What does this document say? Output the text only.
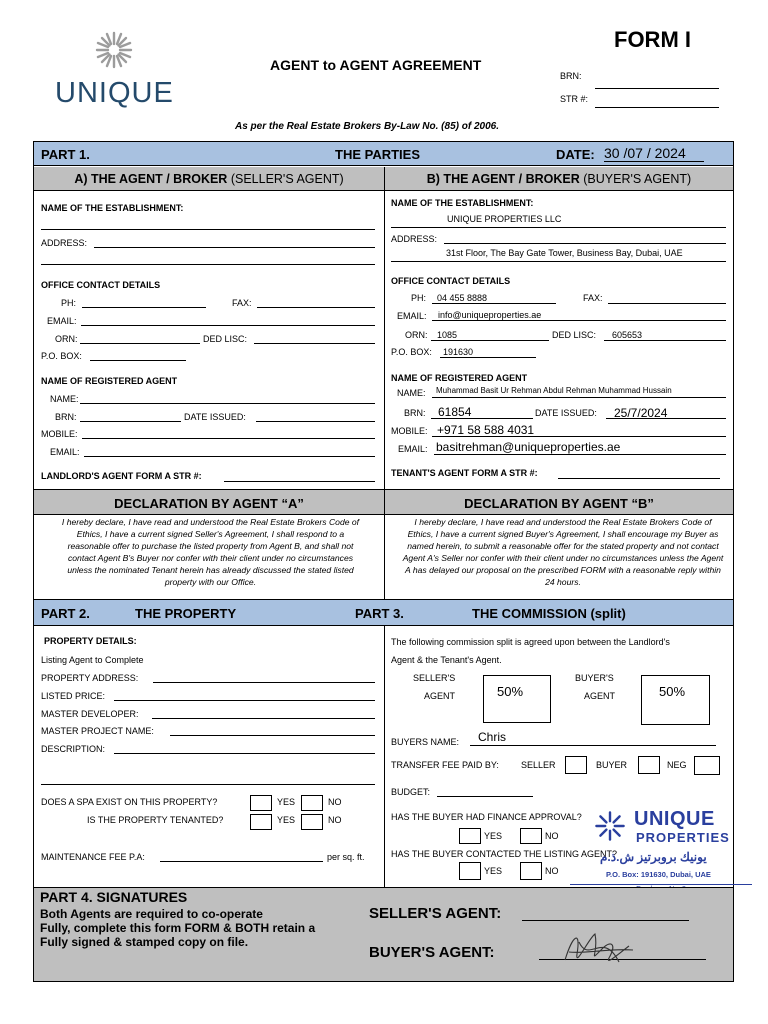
UNIQUE
AGENT to AGENT AGREEMENT
FORM I
BRN:
STR #:
As per the Real Estate Brokers By-Law No. (85) of 2006.
PART 1.	THE PARTIES	DATE: 30 /07 / 2024
A) THE AGENT / BROKER (SELLER'S AGENT)	B) THE AGENT / BROKER (BUYER'S AGENT)
NAME OF THE ESTABLISHMENT:
ADDRESS:
OFFICE CONTACT DETAILS
PH:	FAX:
EMAIL:
ORN:	DED LISC:
P.O. BOX:
NAME OF REGISTERED AGENT
NAME:
BRN:	DATE ISSUED:
MOBILE:
EMAIL:
LANDLORD'S AGENT FORM A STR #:
NAME OF THE ESTABLISHMENT:
UNIQUE PROPERTIES LLC
ADDRESS:
31st Floor, The Bay Gate Tower, Business Bay, Dubai, UAE
OFFICE CONTACT DETAILS
PH: 04 455 8888	FAX:
EMAIL: info@uniqueproperties.ae
ORN: 1085	DED LISC: 605653
P.O. BOX: 191630
NAME OF REGISTERED AGENT
NAME: Muhammad Basit Ur Rehman Abdul Rehman Muhammad Hussain
BRN: 61854	DATE ISSUED: 25/7/2024
MOBILE: +971 58 588 4031
EMAIL: basitrehman@uniqueproperties.ae
TENANT'S AGENT FORM A STR #:
DECLARATION BY AGENT “A”	DECLARATION BY AGENT “B”
I hereby declare, I have read and understood the Real Estate Brokers Code of Ethics, I have a current signed Seller's Agreement, I shall respond to a reasonable offer to purchase the listed property from Agent B, and shall not contact Agent B's Buyer nor confer with their client under no circumstances unless the nominated Tenant herein has already discussed the stated listed property with our Office.
I hereby declare, I have read and understood the Real Estate Brokers Code of Ethics, I have a current signed Buyer's Agreement, I shall encourage my Buyer as named herein, to submit a reasonable offer for the stated property and not contact Agent A's Seller nor confer with their client under no circumstances unless the Agent A has delayed our proposal on the prescribed FORM with a reasonable reply within 24 hours.
PART 2.	THE PROPERTY	PART 3.	THE COMMISSION (split)
PROPERTY DETAILS:
Listing Agent to Complete
PROPERTY ADDRESS:
LISTED PRICE:
MASTER DEVELOPER:
MASTER PROJECT NAME:
DESCRIPTION:
DOES A SPA EXIST ON THIS PROPERTY?	YES	NO
IS THE PROPERTY TENANTED?	YES	NO
MAINTENANCE FEE P.A:	per sq. ft.
The following commission split is agreed upon between the Landlord's
Agent & the Tenant's Agent.
SELLER'S
AGENT	50%
BUYER'S
AGENT	50%
BUYERS NAME: Chris
TRANSFER FEE PAID BY: SELLER	BUYER	NEG
BUDGET:
HAS THE BUYER HAD FINANCE APPROVAL?
YES	NO
HAS THE BUYER CONTACTED THE LISTING AGENT?
YES	NO
UNIQUE
PROPERTIES
يونيك بروبرتيز ش.ذ.م
P.O. Box: 191630, Dubai, UAE
PART 4. SIGNATURES
Both Agents are required to co-operate
Fully, complete this form FORM & BOTH retain a
Fully signed & stamped copy on file.
SELLER'S AGENT:
BUYER'S AGENT:
